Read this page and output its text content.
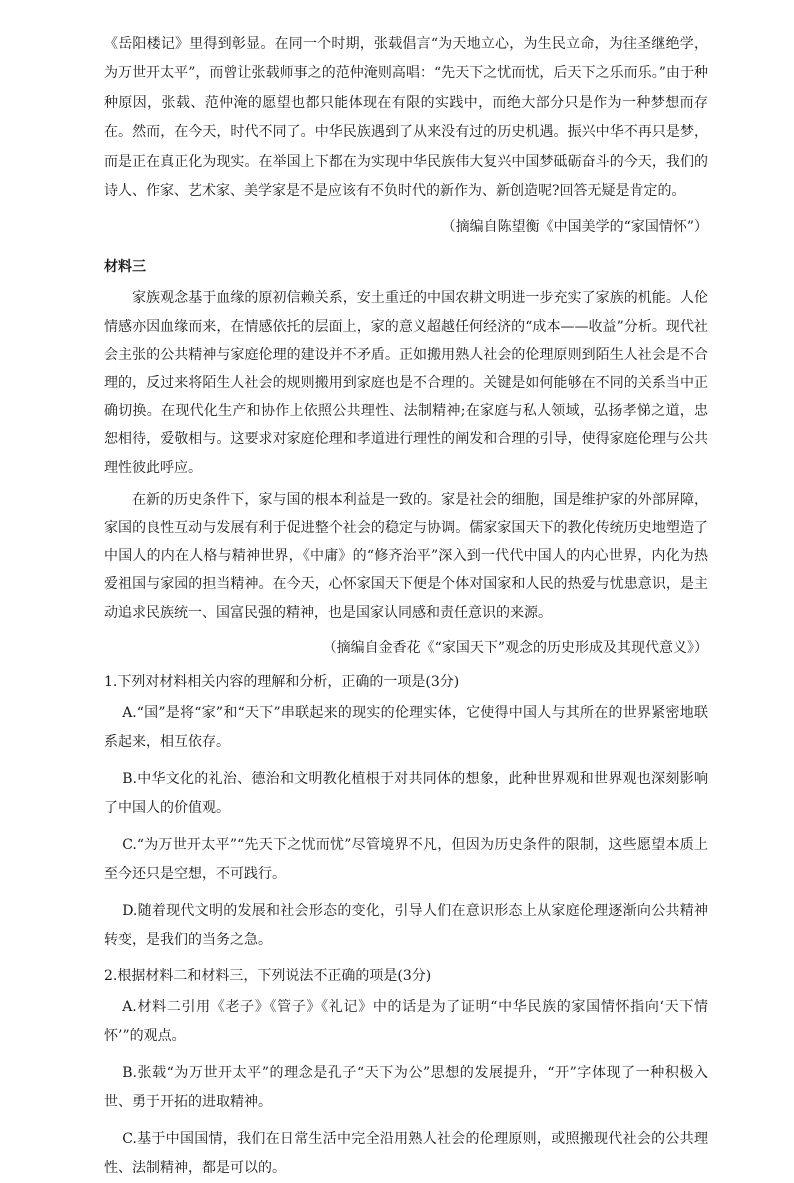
《岳阳楼记》里得到彰显。在同一个时期，张载倡言“为天地立心，为生民立命，为往圣继绝学，为万世开太平”，而曾让张载师事之的范仲淹则高唱：“先天下之忧而忧，后天下之乐而乐。”由于种种原因，张载、范仲淹的愿望也都只能体现在有限的实践中，而绝大部分只是作为一种梦想而存在。然而，在今天，时代不同了。中华民族遇到了从来没有过的历史机遇。振兴中华不再只是梦，而是正在真正化为现实。在举国上下都在为实现中华民族伟大复兴中国梦砥砺奋斗的今天，我们的诗人、作家、艺术家、美学家是不是应该有不负时代的新作为、新创造呢?回答无疑是肯定的。

（摘编自陈望衡《中国美学的“家国情怀”）

材料三

家族观念基于血缘的原初信赖关系，安土重迁的中国农耕文明进一步充实了家族的机能。人伦情感亦因血缘而来，在情感依托的层面上，家的意义超越任何经济的“成本——收益”分析。现代社会主张的公共精神与家庭伦理的建设并不矛盾。正如搬用熟人社会的伦理原则到陌生人社会是不合理的，反过来将陌生人社会的规则搬用到家庭也是不合理的。关键是如何能够在不同的关系当中正确切换。在现代化生产和协作上依照公共理性、法制精神;在家庭与私人领域，弘扬孝悌之道，忠恕相待，爱敬相与。这要求对家庭伦理和孝道进行理性的阐发和合理的引导，使得家庭伦理与公共理性彼此呼应。

在新的历史条件下，家与国的根本利益是一致的。家是社会的细胞，国是维护家的外部屏障，家国的良性互动与发展有利于促进整个社会的稳定与协调。儒家家国天下的教化传统历史地塑造了中国人的内在人格与精神世界，《中庸》的“修齐治平”深入到一代代中国人的内心世界，内化为热爱祖国与家园的担当精神。在今天，心怀家国天下便是个体对国家和人民的热爱与忧患意识，是主动追求民族统一、国富民强的精神，也是国家认同感和责任意识的来源。

（摘编自金香花《“家国天下”观念的历史形成及其现代意义》）

1.下列对材料相关内容的理解和分析，正确的一项是(3分)

A.“国”是将“家”和“天下”串联起来的现实的伦理实体，它使得中国人与其所在的世界紧密地联系起来，相互依存。

B.中华文化的礼治、德治和文明教化植根于对共同体的想象，此种世界观和世界观也深刻影响了中国人的价值观。

C.“为万世开太平”“先天下之忧而忧”尽管境界不凡，但因为历史条件的限制，这些愿望本质上至今还只是空想，不可践行。

D.随着现代文明的发展和社会形态的变化，引导人们在意识形态上从家庭伦理逐渐向公共精神转变，是我们的当务之急。

2.根据材料二和材料三，下列说法不正确的项是(3分)

A.材料二引用《老子》《管子》《礼记》中的话是为了证明“中华民族的家国情怀指向‘天下情怀’”的观点。

B.张载“为万世开太平”的理念是孔子“天下为公”思想的发展提升，“开”字体现了一种积极入世、勇于开拓的进取精神。

C.基于中国国情，我们在日常生活中完全沿用熟人社会的伦理原则，或照搬现代社会的公共理性、法制精神，都是可以的。
